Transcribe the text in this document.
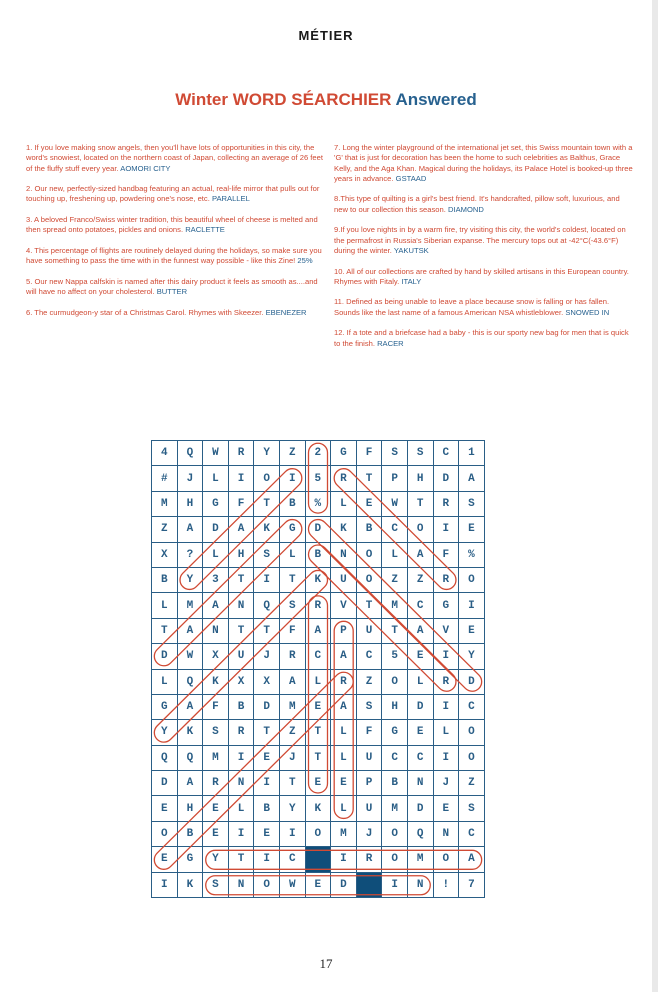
MÉTIER
Winter WORD SÉARCHIER Answered
1. If you love making snow angels, then you'll have lots of opportunities in this city, the word's snowiest, located on the northern coast of Japan, collecting an average of 26 feet of the fluffy stuff every year. AOMORI CITY
2. Our new, perfectly-sized handbag featuring an actual, real-life mirror that pulls out for touching up, freshening up, powdering one's nose, etc. PARALLEL
3. A beloved Franco/Swiss winter tradition, this beautiful wheel of cheese is melted and then spread onto potatoes, pickles and onions. RACLETTE
4. This percentage of flights are routinely delayed during the holidays, so make sure you have something to pass the time with in the funnest way possible - like this Zine! 25%
5. Our new Nappa calfskin is named after this dairy product it feels as smooth as....and will have no affect on your cholesterol. BUTTER
6. The curmudgeon-y star of a Christmas Carol. Rhymes with Skeezer. EBENEZER
7. Long the winter playground of the international jet set, this Swiss mountain town with a 'G' that is just for decoration has been the home to such celebrities as Balthus, Grace Kelly, and the Aga Khan. Magical during the holidays, its Palace Hotel is booked-up three years in advance. GSTAAD
8.This type of quilting is a girl's best friend. It's handcrafted, pillow soft, luxurious, and new to our collection this season. DIAMOND
9.If you love nights in by a warm fire, try visiting this city, the world's coldest, located on the permafrost in Russia's Siberian expanse. The mercury tops out at -42°C(-43.6°F) during the winter. YAKUTSK
10. All of our collections are crafted by hand by skilled artisans in this European country. Rhymes with Fitaly. ITALY
11. Defined as being unable to leave a place because snow is falling or has fallen. Sounds like the last name of a famous American NSA whistleblower. SNOWED IN
12. If a tote and a briefcase had a baby - this is our sporty new bag for men that is quick to the finish. RACER
4	Q	W	R	Y	Z	2	G	F	S	S	C	1
#	J	L	I	O	I	5	R	T	P	H	D	A
M	H	G	F	T	B	%	L	E	W	T	R	S
Z	A	D	A	K	G	D	K	B	C	O	I	E
X	?	L	H	S	L	B	N	O	L	A	F	%
B	Y	3	T	I	T	K	U	O	Z	Z	R	O
L	M	A	N	Q	S	R	V	T	M	C	G	I
T	A	N	T	T	F	A	P	U	T	A	V	E
D	W	X	U	J	R	C	A	C	5	E	I	Y
L	Q	K	X	X	A	L	R	Z	O	L	R	D
G	A	F	B	D	M	E	A	S	H	D	I	C
Y	K	S	R	T	Z	T	L	F	G	E	L	O
Q	Q	M	I	E	J	T	L	U	C	C	I	O
D	A	R	N	I	T	E	E	P	B	N	J	Z
E	H	E	L	B	Y	K	L	U	M	D	E	S
O	B	E	I	E	I	O	M	J	O	Q	N	C
E	G	Y	T	I	C		I	R	O	M	O	A
I	K	S	N	O	W	E	D		I	N	!	7
17
